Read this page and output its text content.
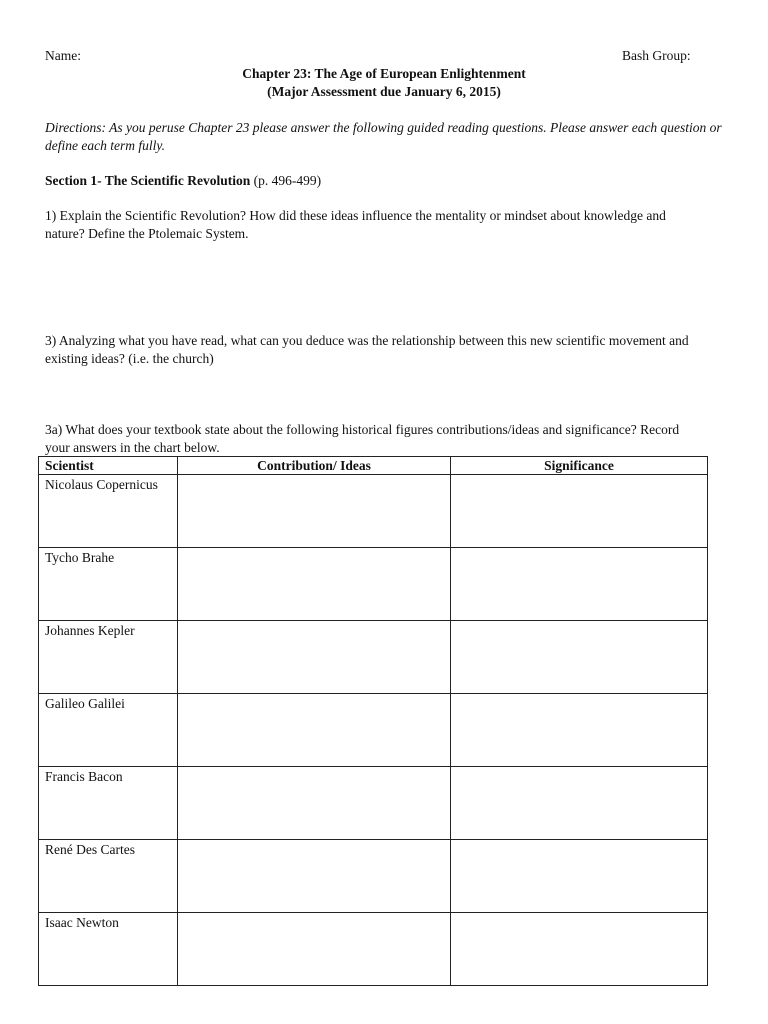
Name:	Bash Group:
Chapter 23: The Age of European Enlightenment
(Major Assessment due January 6, 2015)
Directions: As you peruse Chapter 23 please answer the following guided reading questions. Please answer each question or define each term fully.
Section 1- The Scientific Revolution (p. 496-499)
1) Explain the Scientific Revolution? How did these ideas influence the mentality or mindset about knowledge and nature? Define the Ptolemaic System.
3) Analyzing what you have read, what can you deduce was the relationship between this new scientific movement and existing ideas? (i.e. the church)
3a) What does your textbook state about the following historical figures contributions/ideas and significance? Record your answers in the chart below.
Scientist	Contribution/ Ideas	Significance
Nicolaus Copernicus		
Tycho Brahe		
Johannes Kepler		
Galileo Galilei		
Francis Bacon		
René Des Cartes		
Isaac Newton		
